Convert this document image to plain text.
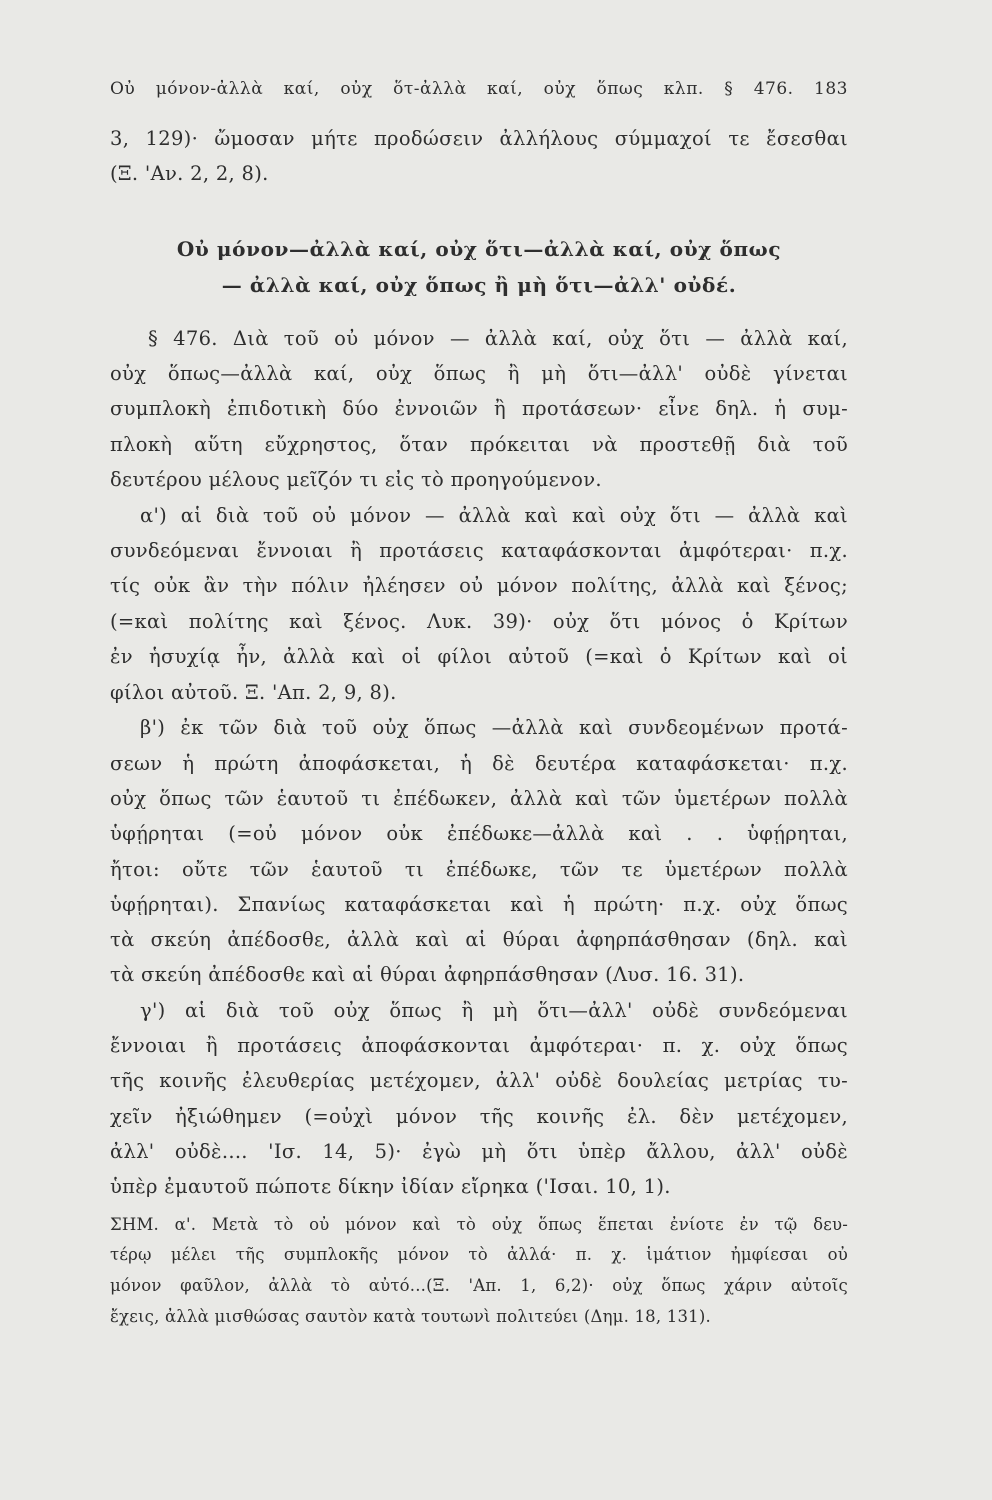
Οὐ μόνον-ἀλλὰ καί, οὐχ ὅτ-ἀλλὰ καί, οὐχ ὅπως κλπ. § 476. 183
3, 129)· ὤμοσαν μήτε προδώσειν ἀλλήλους σύμμαχοί τε ἔσεσθαι
(Ξ. 'Αν. 2, 2, 8).
Οὐ μόνον—ἀλλὰ καί, οὐχ ὅτι—ἀλλὰ καί, οὐχ ὅπως
— ἀλλὰ καί, οὐχ ὅπως ἢ μὴ ὅτι—ἀλλ' οὐδέ.
§ 476. Διὰ τοῦ οὐ μόνον — ἀλλὰ καί, οὐχ ὅτι — ἀλλὰ καί,
οὐχ ὅπως—ἀλλὰ καί, οὐχ ὅπως ἢ μὴ ὅτι—ἀλλ' οὐδὲ γίνεται
συμπλοκὴ ἐπιδοτικὴ δύο ἐννοιῶν ἢ προτάσεων· εἶνε δηλ. ἡ συμ-
πλοκὴ αὕτη εὔχρηστος, ὅταν πρόκειται νὰ προστεθῇ διὰ τοῦ
δευτέρου μέλους μεῖζόν τι εἰς τὸ προηγούμενον.
α') αἱ διὰ τοῦ οὐ μόνον — ἀλλὰ καὶ καὶ οὐχ ὅτι — ἀλλὰ καὶ
συνδεόμεναι ἔννοιαι ἢ προτάσεις καταφάσκονται ἀμφότεραι· π.χ.
τίς οὐκ ἂν τὴν πόλιν ἠλέησεν οὐ μόνον πολίτης, ἀλλὰ καὶ ξένος;
(=καὶ πολίτης καὶ ξένος. Λυκ. 39)· οὐχ ὅτι μόνος ὁ Κρίτων
ἐν ἡσυχίᾳ ἦν, ἀλλὰ καὶ οἱ φίλοι αὐτοῦ (=καὶ ὁ Κρίτων καὶ οἱ
φίλοι αὐτοῦ. Ξ. 'Απ. 2, 9, 8).
β') ἐκ τῶν διὰ τοῦ οὐχ ὅπως —ἀλλὰ καὶ συνδεομένων προτά-
σεων ἡ πρώτη ἀποφάσκεται, ἡ δὲ δευτέρα καταφάσκεται· π.χ.
οὐχ ὅπως τῶν ἑαυτοῦ τι ἐπέδωκεν, ἀλλὰ καὶ τῶν ὑμετέρων πολλὰ
ὑφῄρηται (=οὐ μόνον οὐκ ἐπέδωκε—ἀλλὰ καὶ . . ὑφῄρηται,
ἤτοι: οὔτε τῶν ἑαυτοῦ τι ἐπέδωκε, τῶν τε ὑμετέρων πολλὰ
ὑφῄρηται). Σπανίως καταφάσκεται καὶ ἡ πρώτη· π.χ. οὐχ ὅπως
τὰ σκεύη ἀπέδοσθε, ἀλλὰ καὶ αἱ θύραι ἀφηρπάσθησαν (δηλ. καὶ
τὰ σκεύη ἀπέδοσθε καὶ αἱ θύραι ἀφηρπάσθησαν (Λυσ. 16. 31).
γ') αἱ διὰ τοῦ οὐχ ὅπως ἢ μὴ ὅτι—ἀλλ' οὐδὲ συνδεόμεναι
ἔννοιαι ἢ προτάσεις ἀποφάσκονται ἀμφότεραι· π. χ. οὐχ ὅπως
τῆς κοινῆς ἐλευθερίας μετέχομεν, ἀλλ' οὐδὲ δουλείας μετρίας τυ-
χεῖν ἠξιώθημεν (=οὐχὶ μόνον τῆς κοινῆς ἐλ. δὲν μετέχομεν,
ἀλλ' οὐδὲ.... 'Ισ. 14, 5)· ἐγὼ μὴ ὅτι ὑπὲρ ἄλλου, ἀλλ' οὐδὲ
ὑπὲρ ἐμαυτοῦ πώποτε δίκην ἰδίαν εἴρηκα ('Ισαι. 10, 1).
ΣΗΜ. α'. Μετὰ τὸ οὐ μόνον καὶ τὸ οὐχ ὅπως ἕπεται ἐνίοτε ἐν τῷ δευ-
τέρῳ μέλει τῆς συμπλοκῆς μόνον τὸ ἀλλά· π. χ. ἱμάτιον ἠμφίεσαι οὐ
μόνον φαῦλον, ἀλλὰ τὸ αὐτό...(Ξ. 'Απ. 1, 6,2)· οὐχ ὅπως χάριν αὐτοῖς
ἔχεις, ἀλλὰ μισθώσας σαυτὸν κατὰ τουτωνὶ πολιτεύει (Δημ. 18, 131).
